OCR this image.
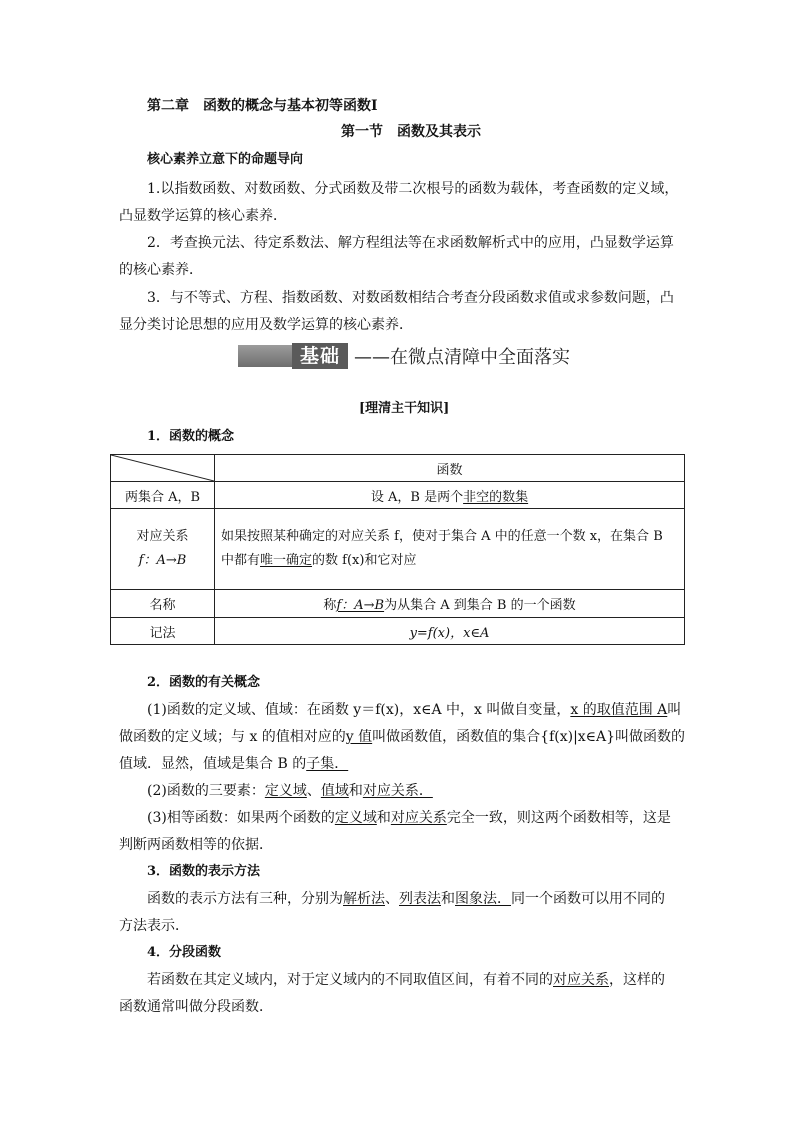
第二章　函数的概念与基本初等函数Ⅰ
第一节　函数及其表示
核心素养立意下的命题导向
1.以指数函数、对数函数、分式函数及带二次根号的函数为载体，考查函数的定义域，
凸显数学运算的核心素养．
2．考查换元法、待定系数法、解方程组法等在求函数解析式中的应用，凸显数学运算
的核心素养．
3．与不等式、方程、指数函数、对数函数相结合考查分段函数求值或求参数问题，凸
显分类讨论思想的应用及数学运算的核心素养．
基础 ——在微点清障中全面落实
[理清主干知识]
1．函数的概念
	函数
两集合 A，B	设 A，B 是两个非空的数集
对应关系
f：A→B	如果按照某种确定的对应关系 f，使对于集合 A 中的任意一个数 x，在集合 B
中都有唯一确定的数 f(x)和它对应
名称	称f：A→B为从集合 A 到集合 B 的一个函数
记法	y=f(x)，x∈A
2．函数的有关概念
(1)函数的定义域、值域：在函数 y＝f(x)，x∈A 中，x 叫做自变量，x 的取值范围 A叫
做函数的定义域；与 x 的值相对应的y 值叫做函数值，函数值的集合{f(x)|x∈A}叫做函数的
值域．显然，值域是集合 B 的子集．
(2)函数的三要素：定义域、值域和对应关系．
(3)相等函数：如果两个函数的定义域和对应关系完全一致，则这两个函数相等，这是
判断两函数相等的依据．
3．函数的表示方法
函数的表示方法有三种，分别为解析法、列表法和图象法．同一个函数可以用不同的
方法表示．
4．分段函数
若函数在其定义域内，对于定义域内的不同取值区间，有着不同的对应关系，这样的
函数通常叫做分段函数．
